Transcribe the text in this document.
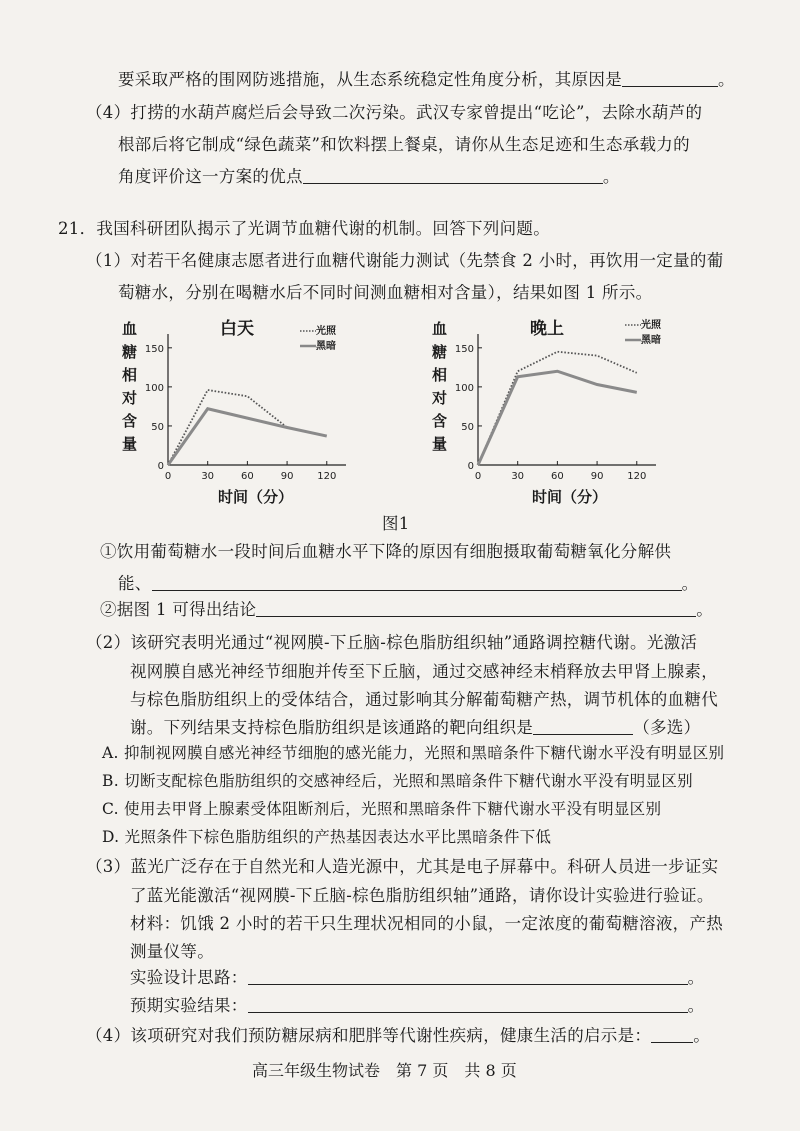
要采取严格的围网防逃措施，从生态系统稳定性角度分析，其原因是	。
（4）打捞的水葫芦腐烂后会导致二次污染。武汉专家曾提出“吃论”，去除水葫芦的
根部后将它制成“绿色蔬菜”和饮料摆上餐桌，请你从生态足迹和生态承载力的
角度评价这一方案的优点	。
21．我国科研团队揭示了光调节血糖代谢的机制。回答下列问题。
（1）对若干名健康志愿者进行血糖代谢能力测试（先禁食 2 小时，再饮用一定量的葡
萄糖水，分别在喝糖水后不同时间测血糖相对含量），结果如图 1 所示。
血糖相对含量
白天	光照
黑暗
0
50
100
150
0	30	60	90 120
时间（分）
血糖相对含量
晚上	光照
黑暗
0
50
100
150
0	30	60	90 120
时间（分）
图1
①饮用葡萄糖水一段时间后血糖水平下降的原因有细胞摄取葡萄糖氧化分解供
能、	。
②据图 1 可得出结论	。
（2）该研究表明光通过“视网膜-下丘脑-棕色脂肪组织轴”通路调控糖代谢。光激活
视网膜自感光神经节细胞并传至下丘脑，通过交感神经末梢释放去甲肾上腺素，
与棕色脂肪组织上的受体结合，通过影响其分解葡萄糖产热，调节机体的血糖代
谢。下列结果支持棕色脂肪组织是该通路的靶向组织是	（多选）
A. 抑制视网膜自感光神经节细胞的感光能力，光照和黑暗条件下糖代谢水平没有明显区别
B. 切断支配棕色脂肪组织的交感神经后，光照和黑暗条件下糖代谢水平没有明显区别
C. 使用去甲肾上腺素受体阻断剂后，光照和黑暗条件下糖代谢水平没有明显区别
D. 光照条件下棕色脂肪组织的产热基因表达水平比黑暗条件下低
（3）蓝光广泛存在于自然光和人造光源中，尤其是电子屏幕中。科研人员进一步证实
了蓝光能激活“视网膜-下丘脑-棕色脂肪组织轴”通路，请你设计实验进行验证。
材料：饥饿 2 小时的若干只生理状况相同的小鼠，一定浓度的葡萄糖溶液，产热
测量仪等。
实验设计思路：	。
预期实验结果：	。
（4）该项研究对我们预防糖尿病和肥胖等代谢性疾病，健康生活的启示是：	。
高三年级生物试卷　第 7 页　共 8 页
